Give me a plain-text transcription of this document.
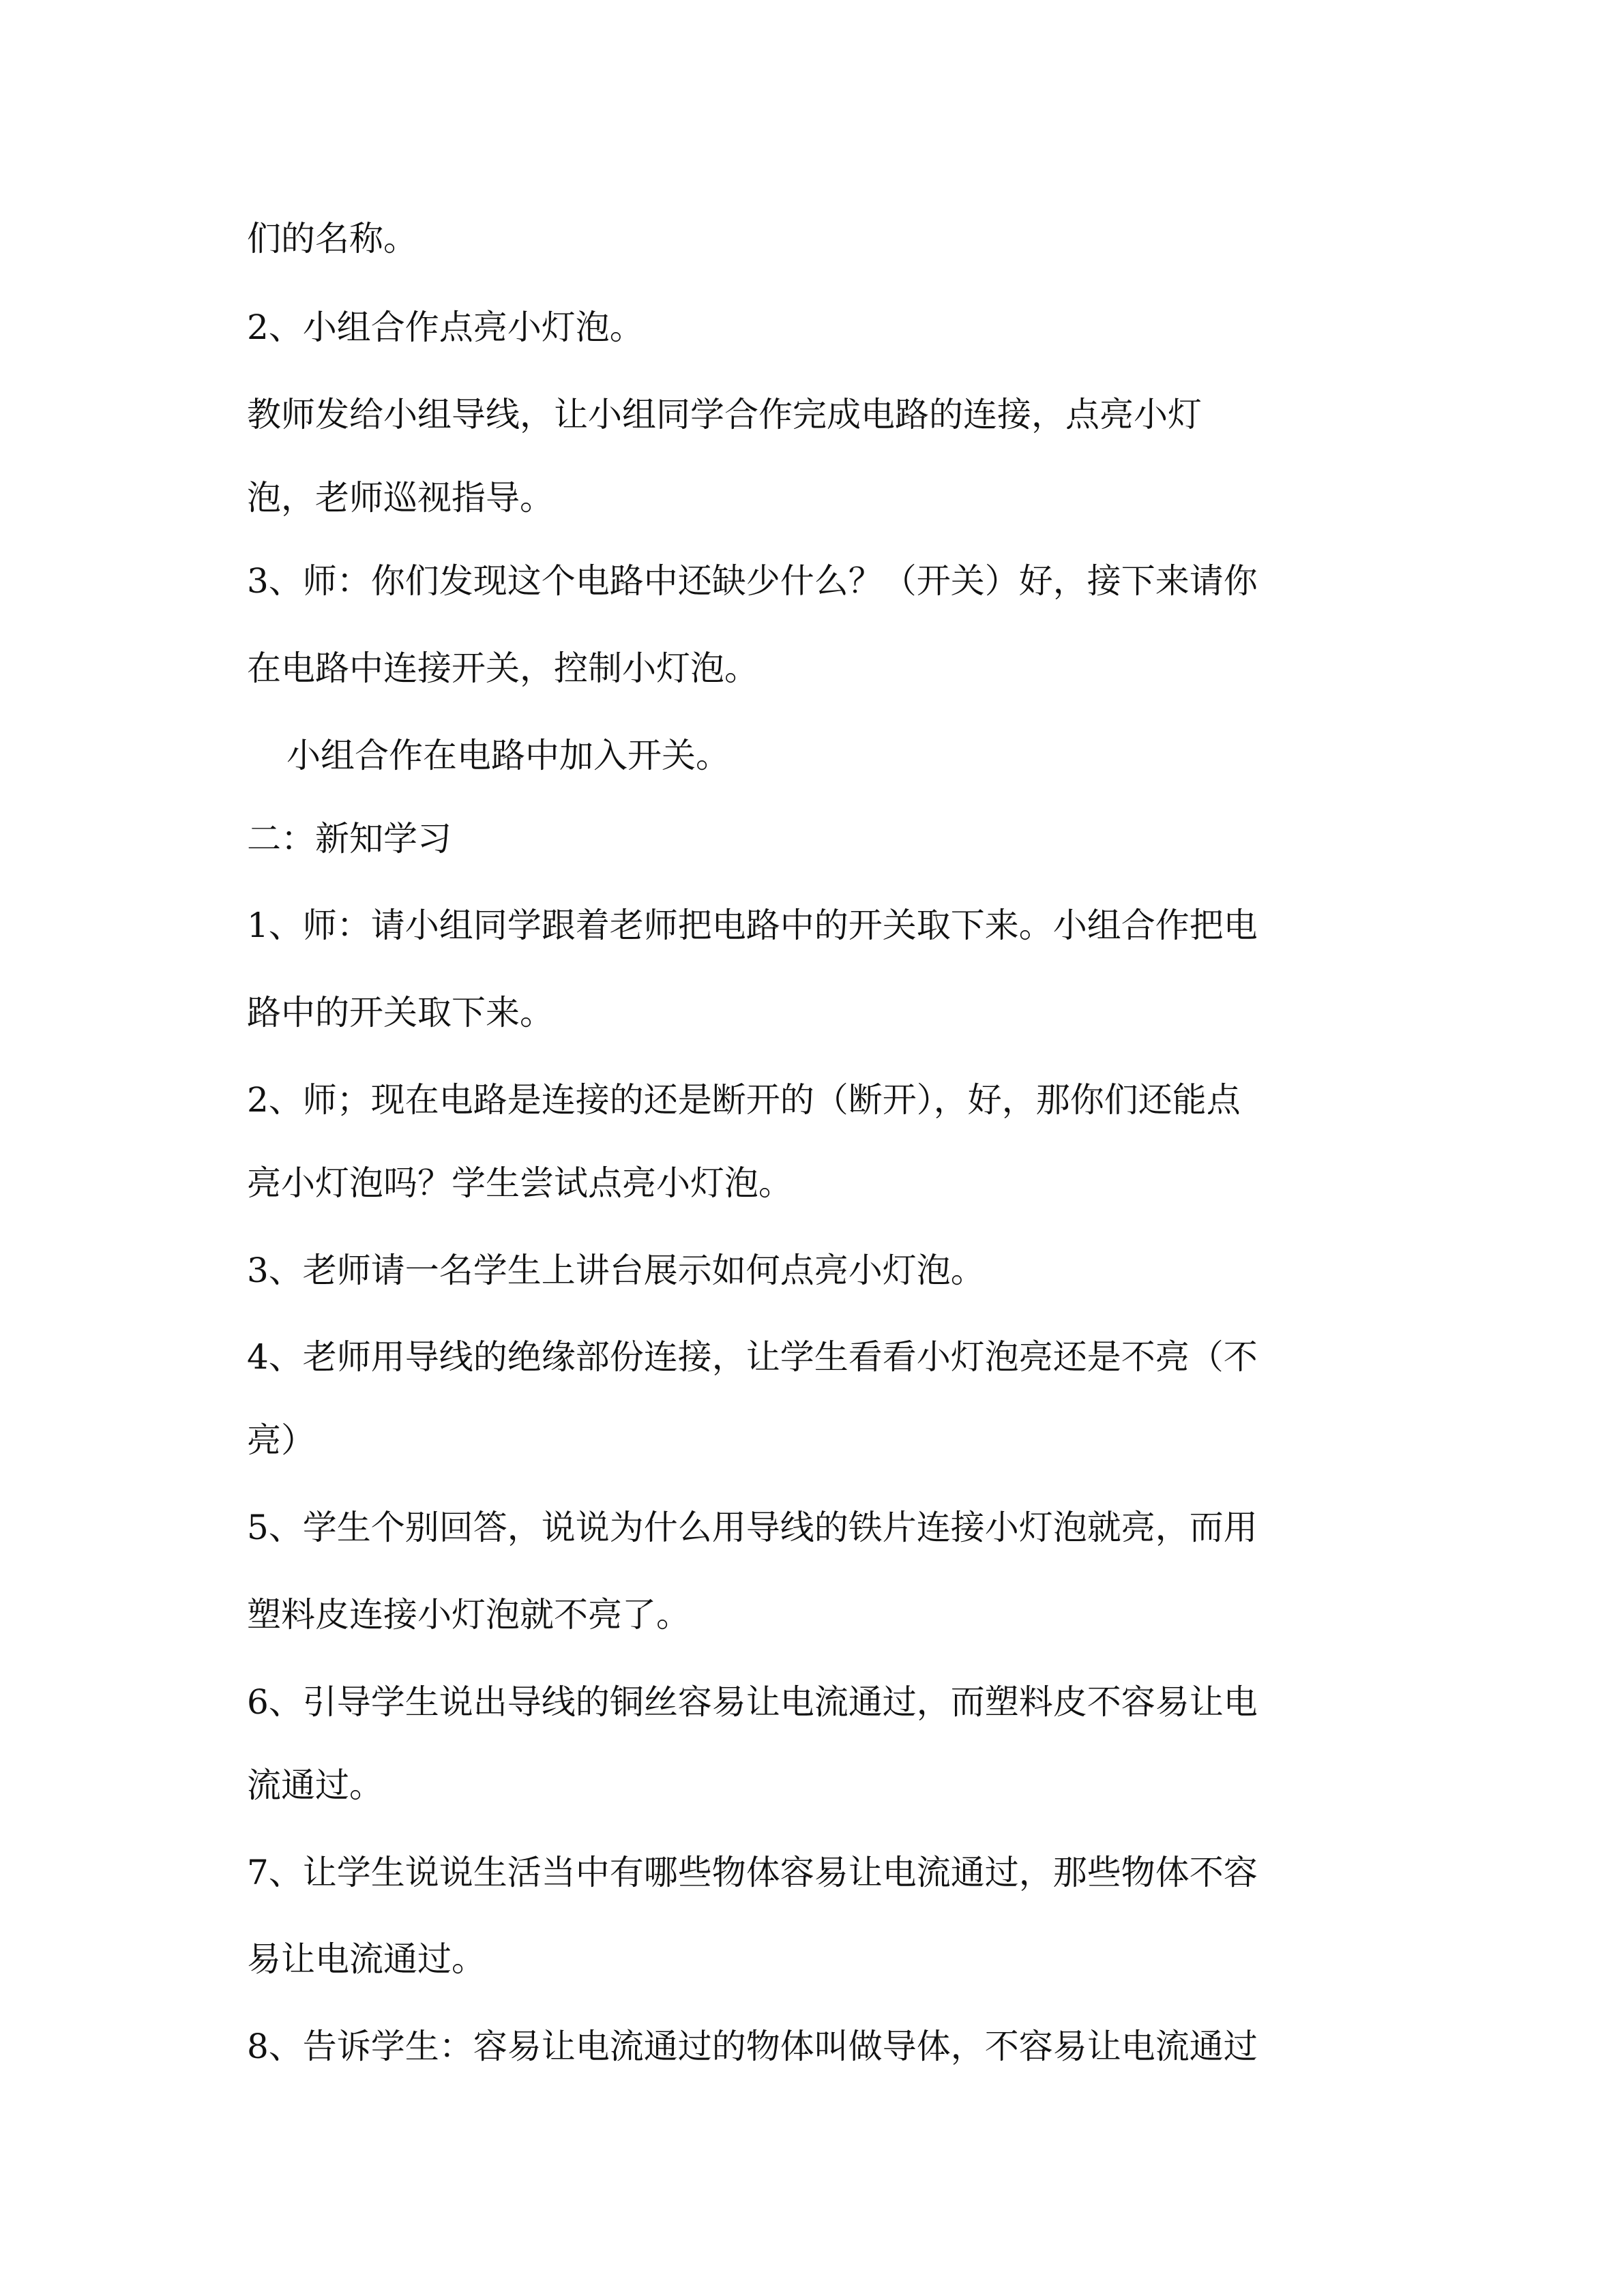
们的名称。

2、小组合作点亮小灯泡。

教师发给小组导线，让小组同学合作完成电路的连接，点亮小灯

泡，老师巡视指导。

3、师：你们发现这个电路中还缺少什么？（开关）好，接下来请你

在电路中连接开关，控制小灯泡。

小组合作在电路中加入开关。

二：新知学习

1、师：请小组同学跟着老师把电路中的开关取下来。小组合作把电

路中的开关取下来。

2、师；现在电路是连接的还是断开的（断开），好，那你们还能点

亮小灯泡吗？学生尝试点亮小灯泡。

3、老师请一名学生上讲台展示如何点亮小灯泡。

4、老师用导线的绝缘部份连接，让学生看看小灯泡亮还是不亮（不

亮）

5、学生个别回答，说说为什么用导线的铁片连接小灯泡就亮，而用

塑料皮连接小灯泡就不亮了。

6、引导学生说出导线的铜丝容易让电流通过，而塑料皮不容易让电

流通过。

7、让学生说说生活当中有哪些物体容易让电流通过，那些物体不容

易让电流通过。

8、告诉学生：容易让电流通过的物体叫做导体，不容易让电流通过
